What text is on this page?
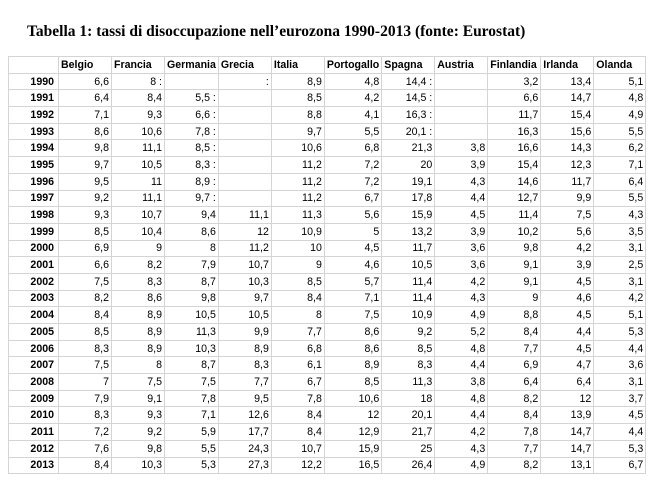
Tabella 1: tassi di disoccupazione nell’eurozona 1990-2013 (fonte: Eurostat)
	Belgio	Francia	Germania	Grecia	Italia	Portogallo	Spagna	Austria	Finlandia	Irlanda	Olanda
1990	6,6	8 :		:	8,9	4,8	14,4 :		3,2	13,4	5,1
1991	6,4	8,4	5,5 :		8,5	4,2	14,5 :		6,6	14,7	4,8
1992	7,1	9,3	6,6 :		8,8	4,1	16,3 :		11,7	15,4	4,9
1993	8,6	10,6	7,8 :		9,7	5,5	20,1 :		16,3	15,6	5,5
1994	9,8	11,1	8,5 :		10,6	6,8	21,3	3,8	16,6	14,3	6,2
1995	9,7	10,5	8,3 :		11,2	7,2	20	3,9	15,4	12,3	7,1
1996	9,5	11	8,9 :		11,2	7,2	19,1	4,3	14,6	11,7	6,4
1997	9,2	11,1	9,7 :		11,2	6,7	17,8	4,4	12,7	9,9	5,5
1998	9,3	10,7	9,4	11,1	11,3	5,6	15,9	4,5	11,4	7,5	4,3
1999	8,5	10,4	8,6	12	10,9	5	13,2	3,9	10,2	5,6	3,5
2000	6,9	9	8	11,2	10	4,5	11,7	3,6	9,8	4,2	3,1
2001	6,6	8,2	7,9	10,7	9	4,6	10,5	3,6	9,1	3,9	2,5
2002	7,5	8,3	8,7	10,3	8,5	5,7	11,4	4,2	9,1	4,5	3,1
2003	8,2	8,6	9,8	9,7	8,4	7,1	11,4	4,3	9	4,6	4,2
2004	8,4	8,9	10,5	10,5	8	7,5	10,9	4,9	8,8	4,5	5,1
2005	8,5	8,9	11,3	9,9	7,7	8,6	9,2	5,2	8,4	4,4	5,3
2006	8,3	8,9	10,3	8,9	6,8	8,6	8,5	4,8	7,7	4,5	4,4
2007	7,5	8	8,7	8,3	6,1	8,9	8,3	4,4	6,9	4,7	3,6
2008	7	7,5	7,5	7,7	6,7	8,5	11,3	3,8	6,4	6,4	3,1
2009	7,9	9,1	7,8	9,5	7,8	10,6	18	4,8	8,2	12	3,7
2010	8,3	9,3	7,1	12,6	8,4	12	20,1	4,4	8,4	13,9	4,5
2011	7,2	9,2	5,9	17,7	8,4	12,9	21,7	4,2	7,8	14,7	4,4
2012	7,6	9,8	5,5	24,3	10,7	15,9	25	4,3	7,7	14,7	5,3
2013	8,4	10,3	5,3	27,3	12,2	16,5	26,4	4,9	8,2	13,1	6,7
